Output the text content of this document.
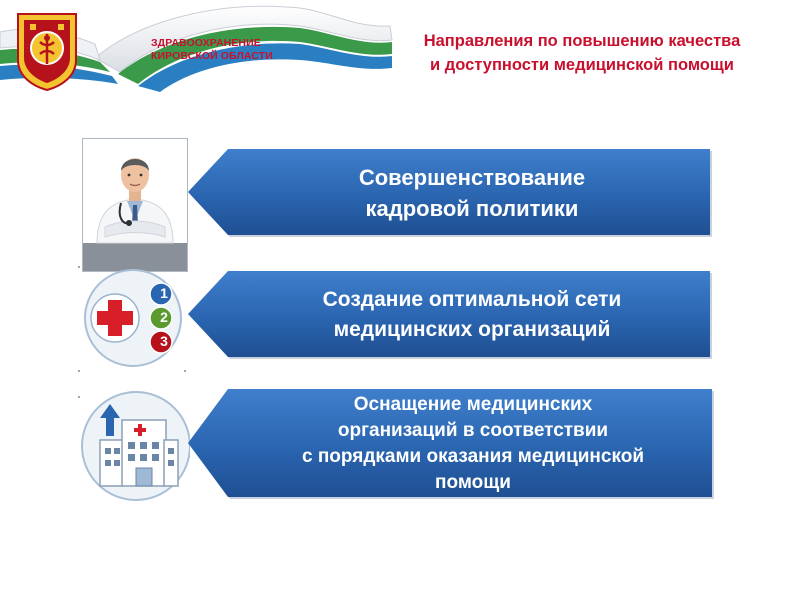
ЗДРАВООХРАНЕНИЕ
КИРОВСКОЙ ОБЛАСТИ
Направления по повышению качества
и доступности медицинской помощи
Совершенствование
кадровой политики
1
2
3
Создание оптимальной сети
медицинских организаций
Оснащение медицинских
организаций в соответствии
с порядками оказания медицинской
помощи
